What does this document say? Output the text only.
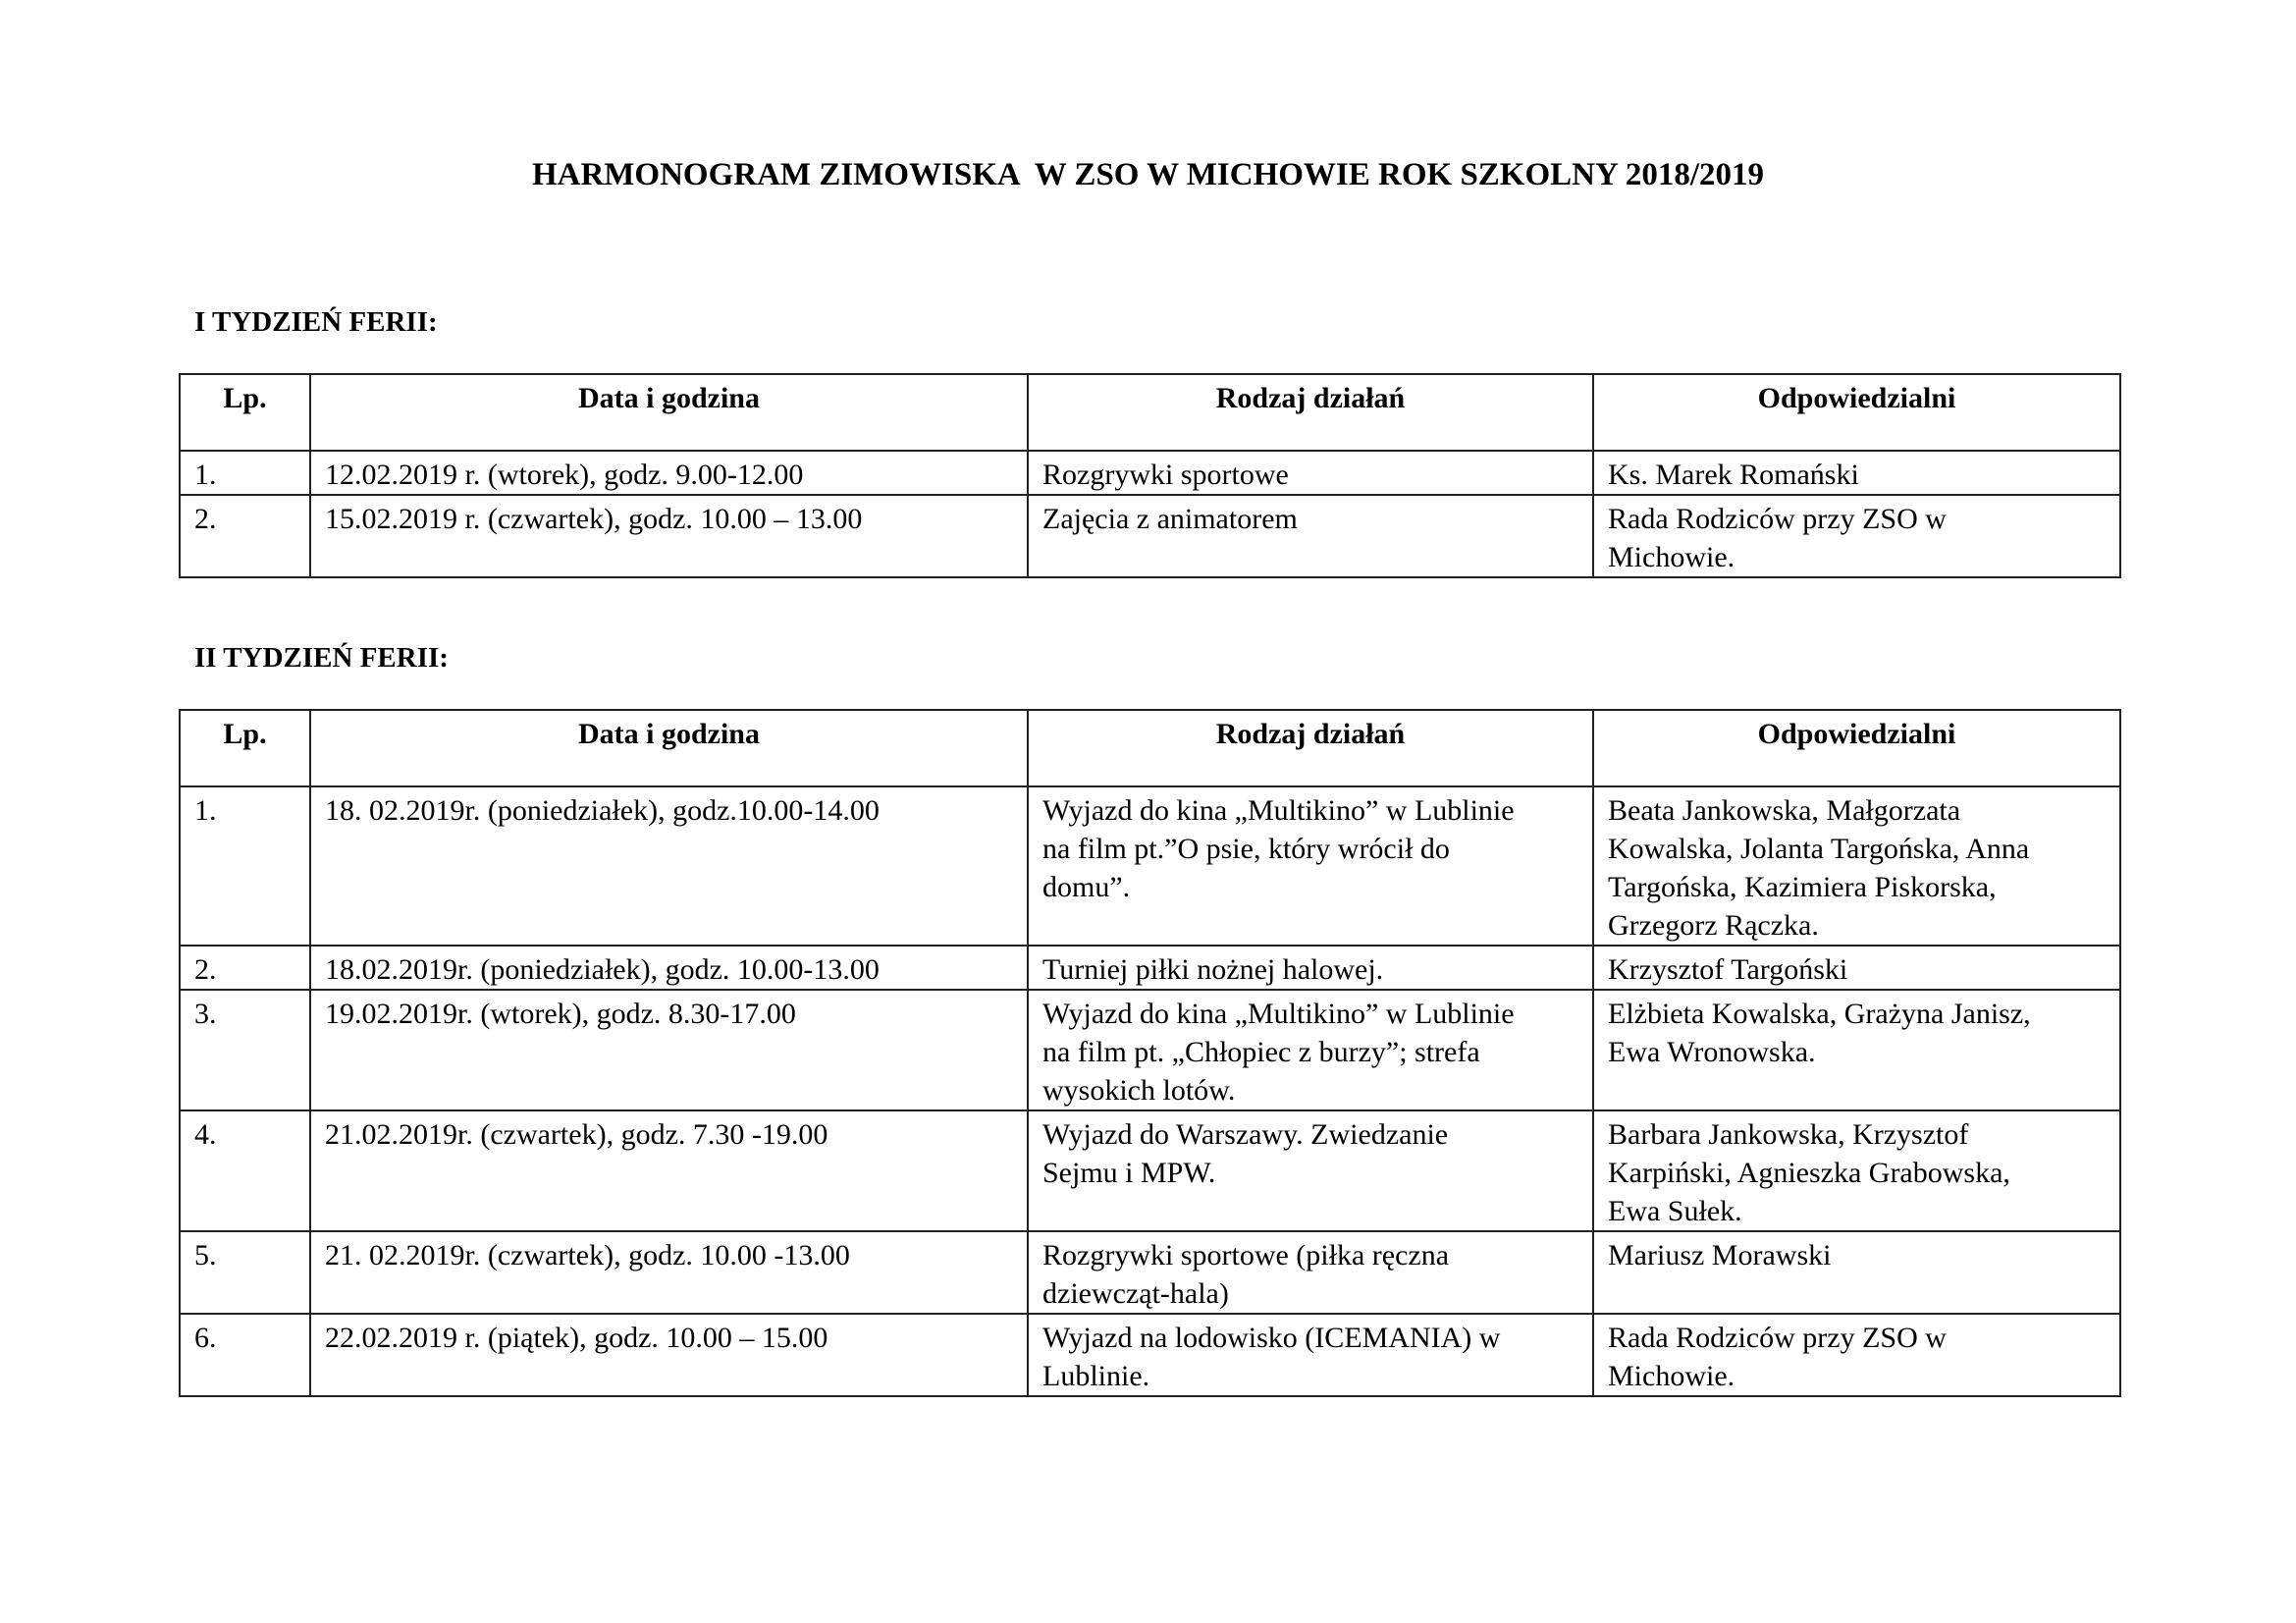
HARMONOGRAM ZIMOWISKA  W ZSO W MICHOWIE ROK SZKOLNY 2018/2019
I TYDZIEŃ FERII:
Lp.	Data i godzina	Rodzaj działań	Odpowiedzialni
1.	12.02.2019 r. (wtorek), godz. 9.00-12.00	Rozgrywki sportowe	Ks. Marek Romański

2.	15.02.2019 r. (czwartek), godz. 10.00 – 13.00	Zajęcia z animatorem	Rada Rodziców przy ZSO w
Michowie.
II TYDZIEŃ FERII:
Lp.	Data i godzina	Rodzaj działań	Odpowiedzialni
1.	18. 02.2019r. (poniedziałek), godz.10.00-14.00	Wyjazd do kina „Multikino” w Lublinie
na film pt.”O psie, który wrócił do
domu”.	Beata Jankowska, Małgorzata
Kowalska, Jolanta Targońska, Anna
Targońska, Kazimiera Piskorska,
Grzegorz Rączka.

2.	18.02.2019r. (poniedziałek), godz. 10.00-13.00	Turniej piłki nożnej halowej.	Krzysztof Targoński

3.	19.02.2019r. (wtorek), godz. 8.30-17.00	Wyjazd do kina „Multikino” w Lublinie
na film pt. „Chłopiec z burzy”; strefa
wysokich lotów.	Elżbieta Kowalska, Grażyna Janisz,
Ewa Wronowska.

4.	21.02.2019r. (czwartek), godz. 7.30 -19.00	Wyjazd do Warszawy. Zwiedzanie
Sejmu i MPW.	Barbara Jankowska, Krzysztof
Karpiński, Agnieszka Grabowska,
Ewa Sułek.

5.	21. 02.2019r. (czwartek), godz. 10.00 -13.00	Rozgrywki sportowe (piłka ręczna
dziewcząt-hala)	Mariusz Morawski

6.	22.02.2019 r. (piątek), godz. 10.00 – 15.00	Wyjazd na lodowisko (ICEMANIA) w
Lublinie.	Rada Rodziców przy ZSO w
Michowie.
